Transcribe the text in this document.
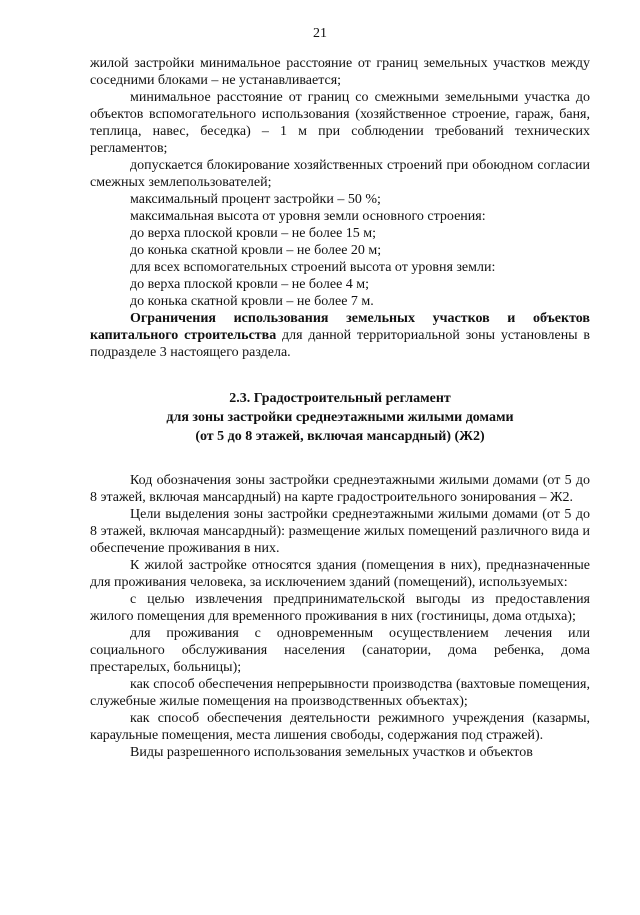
21

жилой застройки минимальное расстояние от границ земельных участков между соседними блоками – не устанавливается;

минимальное расстояние от границ со смежными земельными участка до объектов вспомогательного использования (хозяйственное строение, гараж, баня, теплица, навес, беседка) – 1 м при соблюдении требований технических регламентов;

допускается блокирование хозяйственных строений при обоюдном согласии смежных землепользователей;

максимальный процент застройки – 50 %;

максимальная высота от уровня земли основного строения:

до верха плоской кровли – не более 15 м;

до конька скатной кровли – не более 20 м;

для всех вспомогательных строений высота от уровня земли:

до верха плоской кровли – не более 4 м;

до конька скатной кровли – не более 7 м.

Ограничения использования земельных участков и объектов капитального строительства для данной территориальной зоны установлены в подразделе 3 настоящего раздела.

2.3. Градостроительный регламент
для зоны застройки среднеэтажными жилыми домами
(от 5 до 8 этажей, включая мансардный) (Ж2)

Код обозначения зоны застройки среднеэтажными жилыми домами (от 5 до 8 этажей, включая мансардный) на карте градостроительного зонирования – Ж2.

Цели выделения зоны застройки среднеэтажными жилыми домами (от 5 до 8 этажей, включая мансардный): размещение жилых помещений различного вида и обеспечение проживания в них.

К жилой застройке относятся здания (помещения в них), предназначенные для проживания человека, за исключением зданий (помещений), используемых:

с целью извлечения предпринимательской выгоды из предоставления жилого помещения для временного проживания в них (гостиницы, дома отдыха);

для проживания с одновременным осуществлением лечения или социального обслуживания населения (санатории, дома ребенка, дома престарелых, больницы);

как способ обеспечения непрерывности производства (вахтовые помещения, служебные жилые помещения на производственных объектах);

как способ обеспечения деятельности режимного учреждения (казармы, караульные помещения, места лишения свободы, содержания под стражей).

Виды разрешенного использования земельных участков и объектов
